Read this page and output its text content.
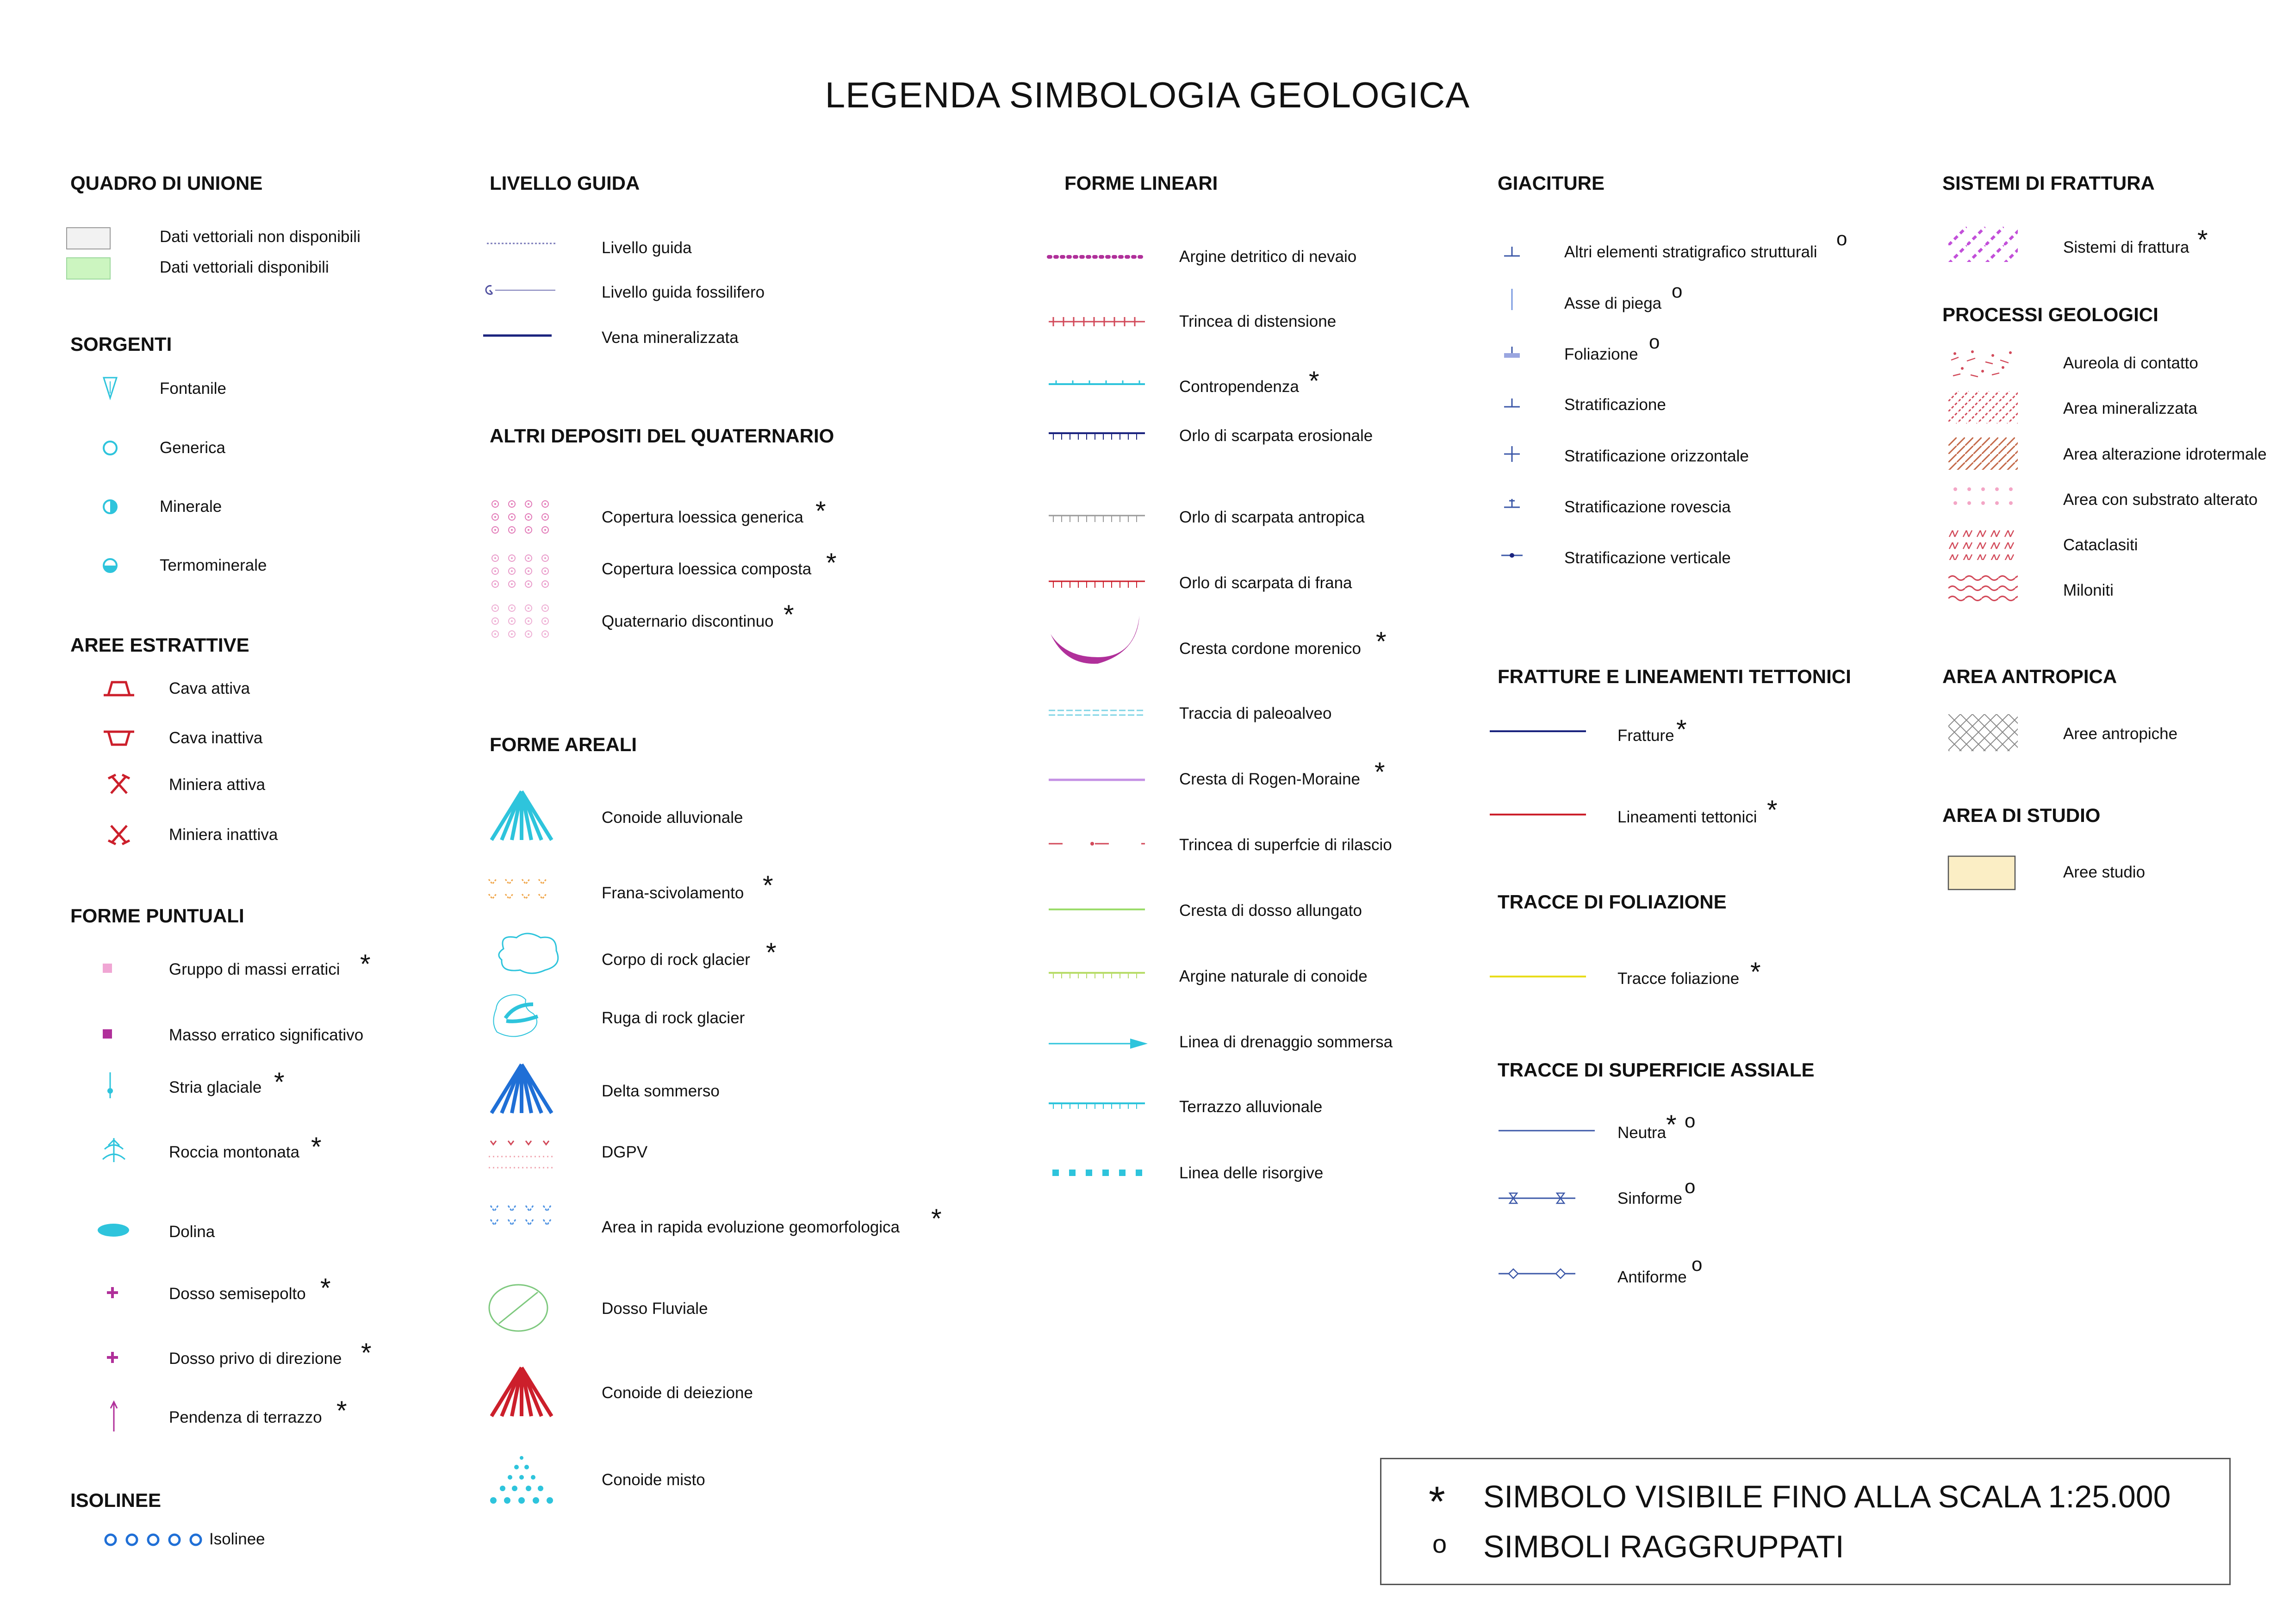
LEGENDA SIMBOLOGIA GEOLOGICA
QUADRO DI UNIONE
Dati vettoriali non disponibili
Dati vettoriali disponibili
SORGENTI
Fontanile
Generica
Minerale
Termominerale
AREE ESTRATTIVE
Cava attiva
Cava inattiva
Miniera attiva
Miniera inattiva
FORME PUNTUALI
Gruppo di massi erratici *
Masso erratico significativo
Stria glaciale *
Roccia montonata *
Dolina
Dosso semisepolto *
Dosso privo di direzione *
Pendenza di terrazzo *
ISOLINEE
Isolinee
LIVELLO GUIDA
Livello guida
Livello guida fossilifero
Vena mineralizzata
ALTRI DEPOSITI DEL QUATERNARIO
Copertura loessica generica *
Copertura loessica composta *
Quaternario discontinuo *
FORME AREALI
Conoide alluvionale
Frana-scivolamento *
Corpo di rock glacier *
Ruga di rock glacier
Delta sommerso
DGPV
Area in rapida evoluzione geomorfologica *
Dosso Fluviale
Conoide di deiezione
Conoide misto
FORME LINEARI
Argine detritico di nevaio
Trincea di distensione
Contropendenza *
Orlo di scarpata erosionale
Orlo di scarpata antropica
Orlo di scarpata di frana
Cresta cordone morenico *
Traccia di paleoalveo
Cresta di Rogen-Moraine *
Trincea di superfcie di rilascio
Cresta di dosso allungato
Argine naturale di conoide
Linea di drenaggio sommersa
Terrazzo alluvionale
Linea delle risorgive
GIACITURE
Altri elementi stratigrafico strutturali
o
Asse di piega
o
Foliazione
o
Stratificazione
Stratificazione orizzontale
Stratificazione rovescia
Stratificazione verticale
FRATTURE E LINEAMENTI TETTONICI
Fratture *
Lineamenti tettonici *
TRACCE DI FOLIAZIONE
Tracce foliazione *
TRACCE DI SUPERFICIE ASSIALE
Neutra * o
Sinforme
o
Antiforme
o
SISTEMI DI FRATTURA
Sistemi di frattura *
PROCESSI GEOLOGICI
Aureola di contatto
Area mineralizzata
Area alterazione idrotermale
Area con substrato alterato
Cataclasiti
Miloniti
AREA ANTROPICA
Aree antropiche
AREA DI STUDIO
Aree studio
* SIMBOLO VISIBILE FINO ALLA SCALA 1:25.000
o SIMBOLI RAGGRUPPATI
